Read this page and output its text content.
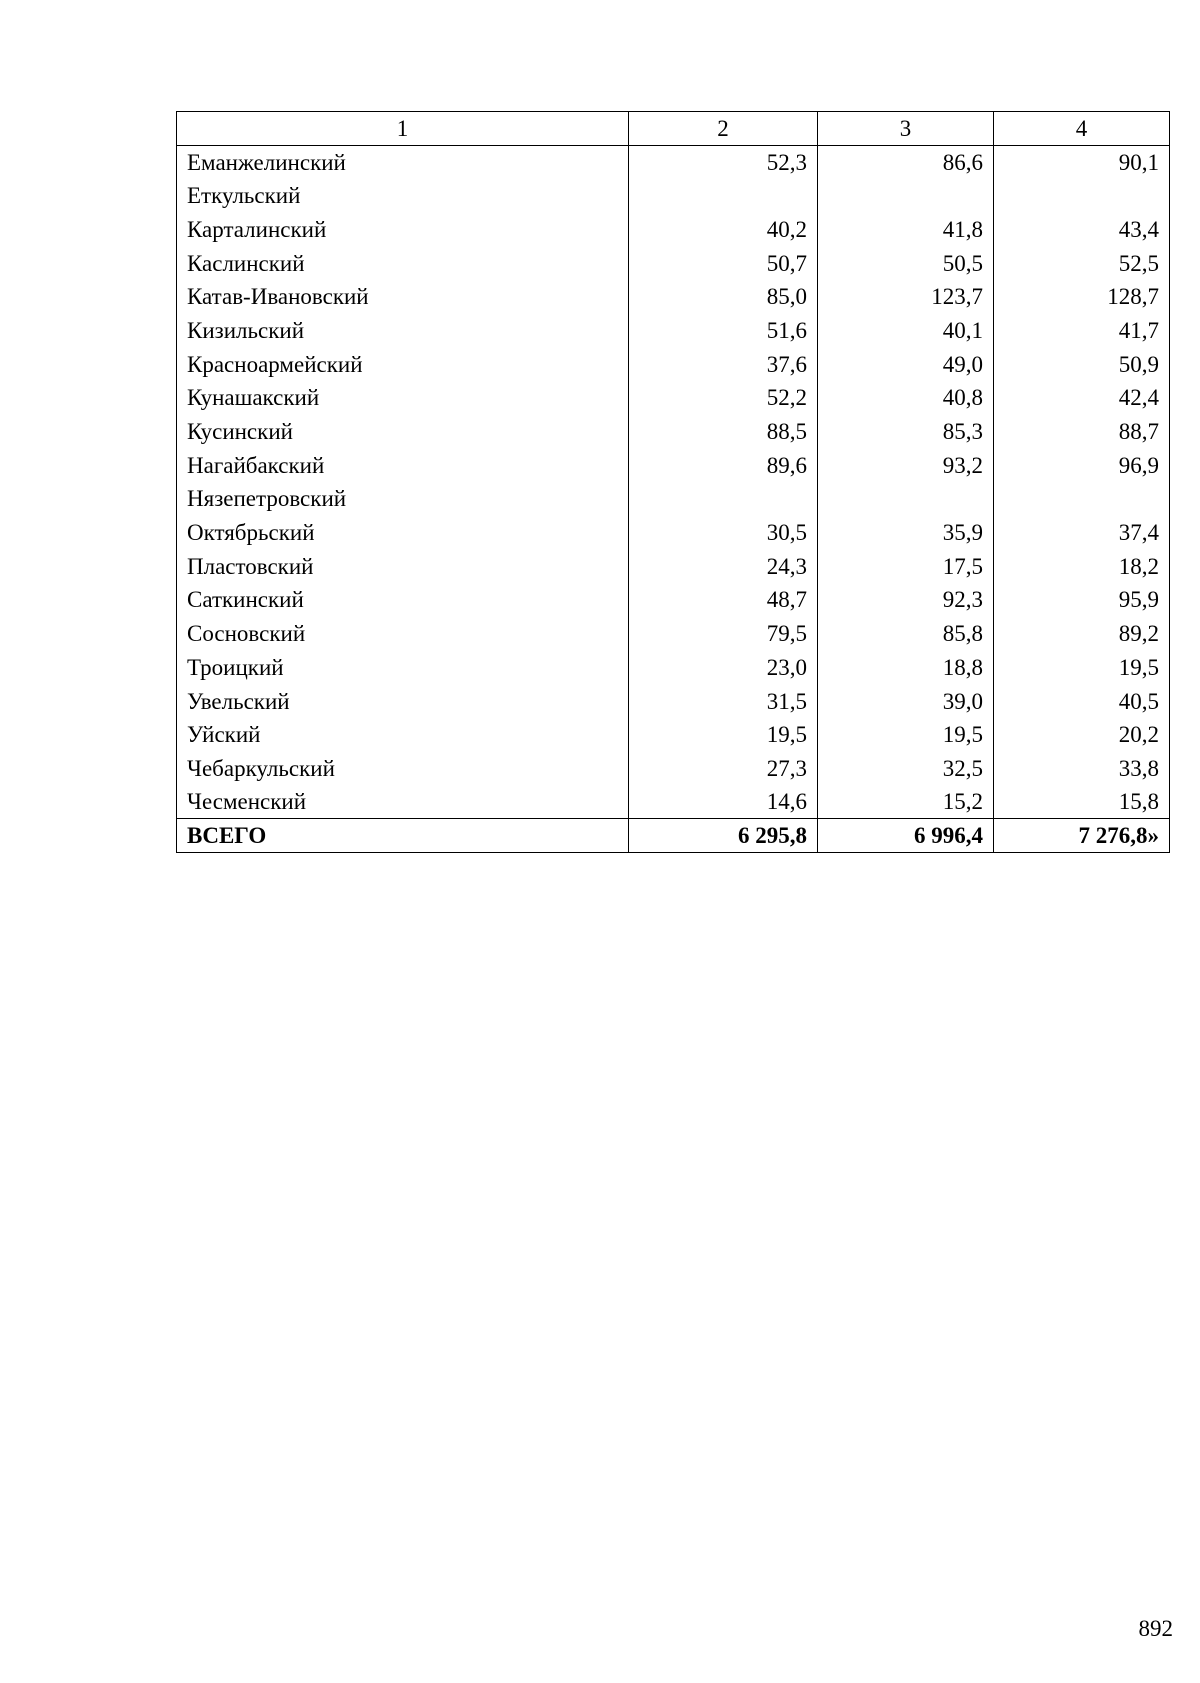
1	2	3	4
Еманжелинский	52,3	86,6	90,1
Еткульский			
Карталинский	40,2	41,8	43,4
Каслинский	50,7	50,5	52,5
Катав-Ивановский	85,0	123,7	128,7
Кизильский	51,6	40,1	41,7
Красноармейский	37,6	49,0	50,9
Кунашакский	52,2	40,8	42,4
Кусинский	88,5	85,3	88,7
Нагайбакский	89,6	93,2	96,9
Нязепетровский			
Октябрьский	30,5	35,9	37,4
Пластовский	24,3	17,5	18,2
Саткинский	48,7	92,3	95,9
Сосновский	79,5	85,8	89,2
Троицкий	23,0	18,8	19,5
Увельский	31,5	39,0	40,5
Уйский	19,5	19,5	20,2
Чебаркульский	27,3	32,5	33,8
Чесменский	14,6	15,2	15,8
ВСЕГО	6 295,8	6 996,4	7 276,8»
892
